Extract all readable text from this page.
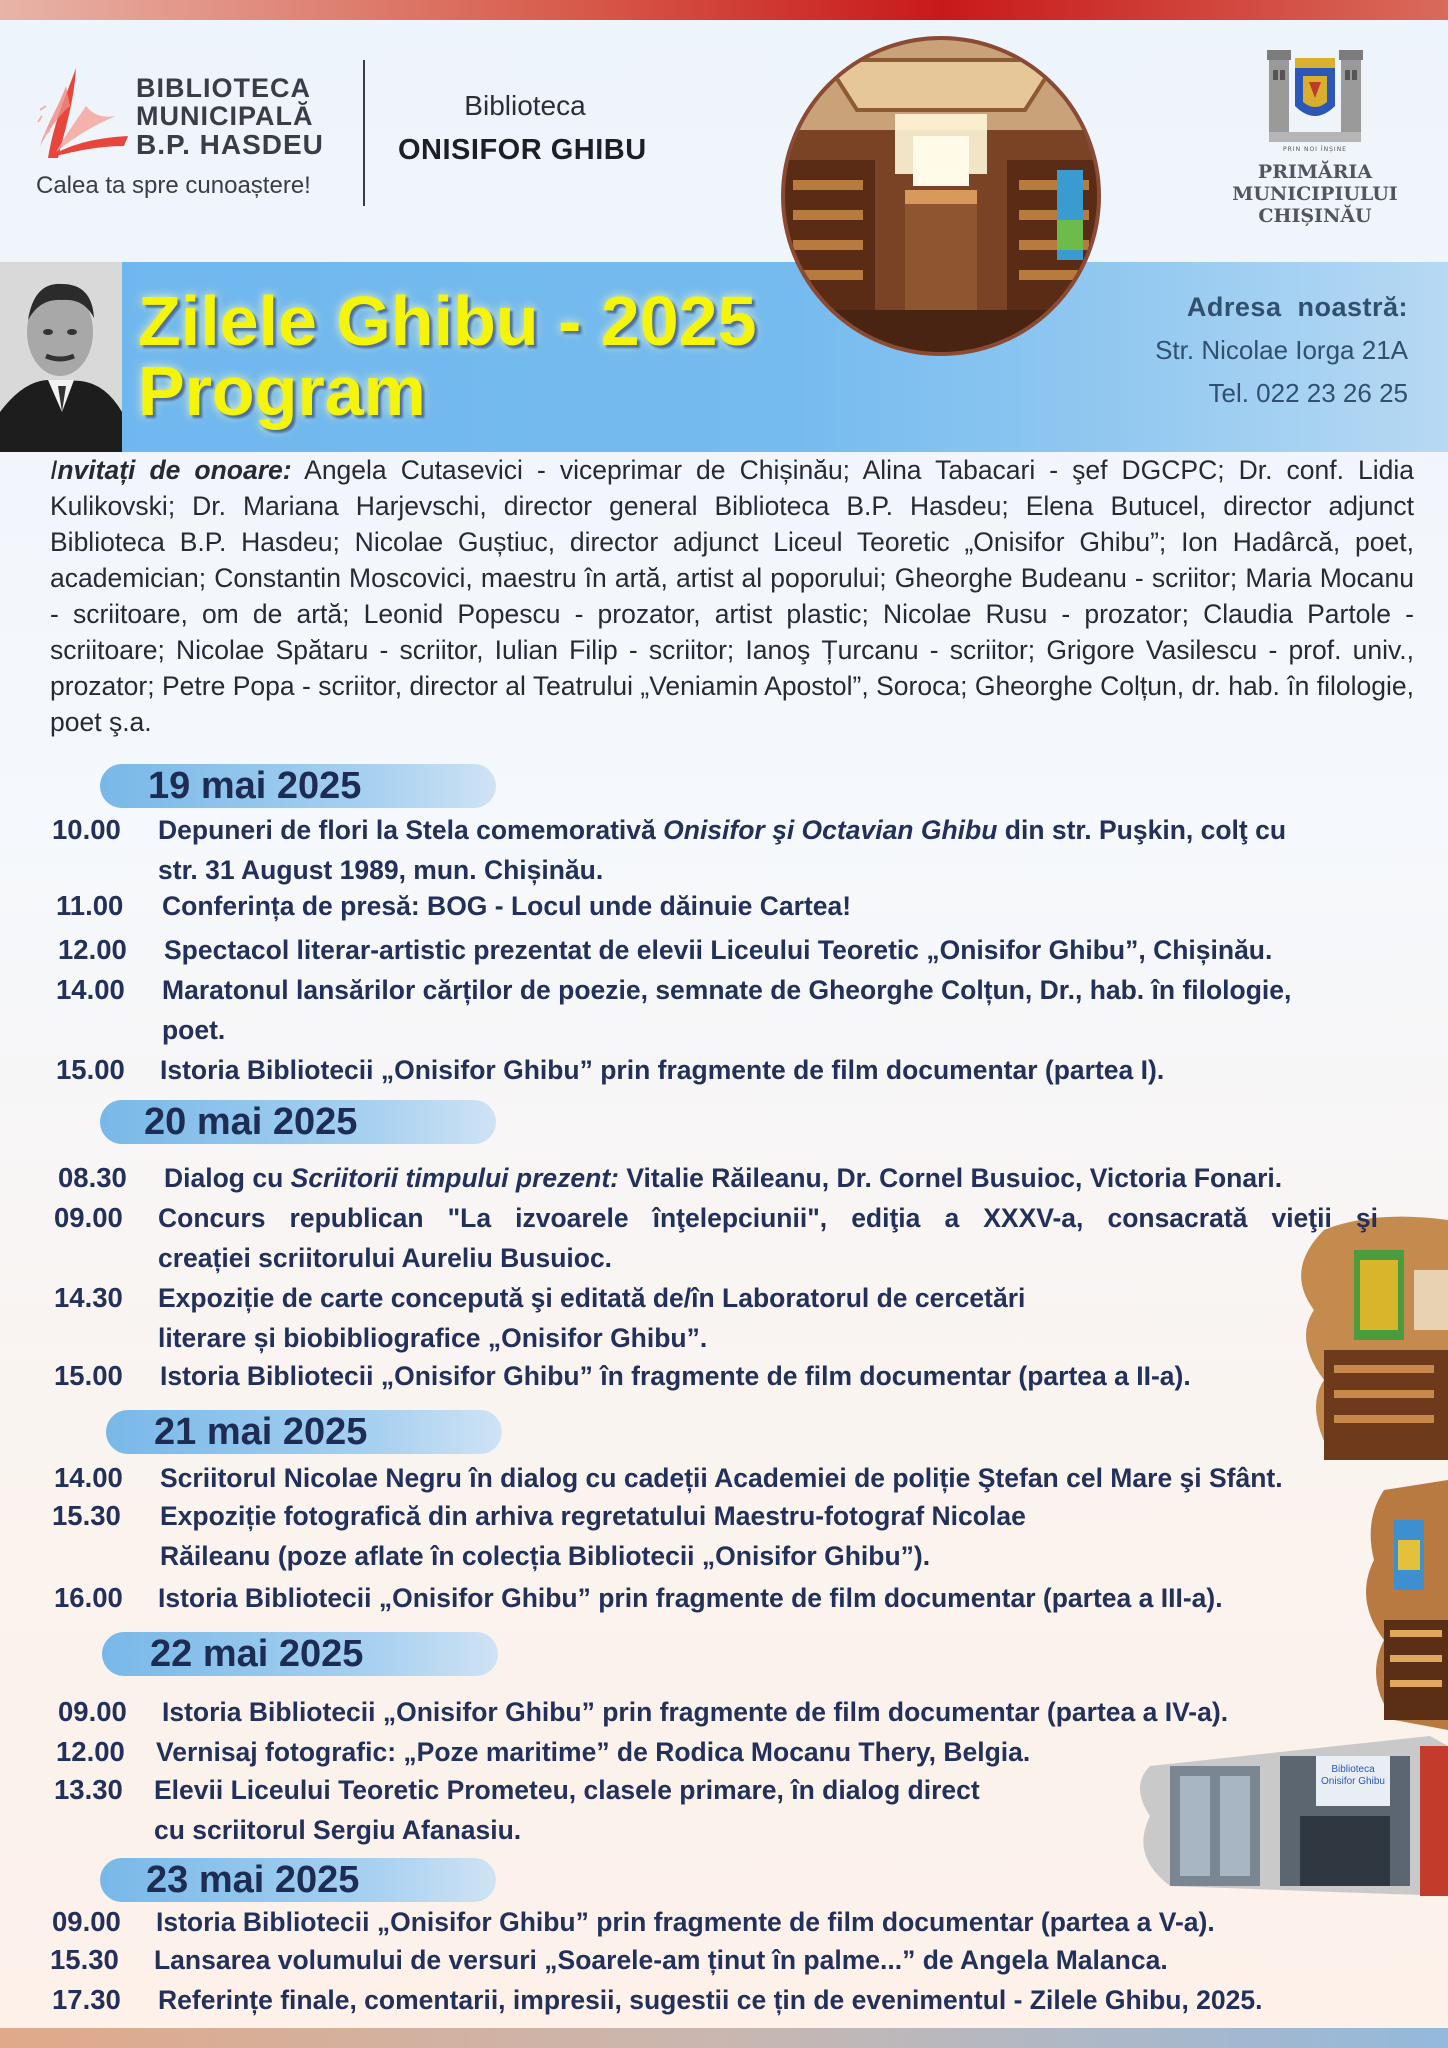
BIBLIOTECA
MUNICIPALĂ
B.P. HASDEU
Calea ta spre cunoaștere!
Biblioteca
ONISIFOR GHIBU	PRIN NOI ÎNȘINE
PRIMĂRIA
MUNICIPIULUI
CHIȘINĂU
Zilele Ghibu - 2025
Program
Adresa  noastră:
Str. Nicolae Iorga 21A
Tel. 022 23 26 25
Invitați de onoare: Angela Cutasevici - viceprimar de Chișinău; Alina Tabacari - şef DGCPC; Dr. conf. Lidia Kulikovski; Dr. Mariana Harjevschi, director general Biblioteca B.P. Hasdeu; Elena Butucel, director adjunct Biblioteca B.P. Hasdeu; Nicolae Guștiuc, director adjunct Liceul Teoretic „Onisifor Ghibu”; Ion Hadârcă, poet, academician; Constantin Moscovici, maestru în artă, artist al poporului; Gheorghe Budeanu - scriitor; Maria Mocanu - scriitoare, om de artă; Leonid Popescu - prozator, artist plastic; Nicolae Rusu - prozator; Claudia Partole - scriitoare; Nicolae Spătaru - scriitor, Iulian Filip - scriitor; Ianoş Țurcanu - scriitor; Grigore Vasilescu - prof. univ., prozator; Petre Popa - scriitor, director al Teatrului „Veniamin Apostol”, Soroca; Gheorghe Colțun, dr. hab. în filologie, poet ş.a.
Biblioteca
Onisifor Ghibu
19 mai 2025
10.00 Depuneri de flori la Stela comemorativă Onisifor şi Octavian Ghibu din str. Puşkin, colţ cu
str. 31 August 1989, mun. Chișinău.
11.00 Conferința de presă: BOG - Locul unde dăinuie Cartea!
12.00 Spectacol literar-artistic prezentat de elevii Liceului Teoretic „Onisifor Ghibu”, Chișinău.
14.00 Maratonul lansărilor cărților de poezie, semnate de Gheorghe Colțun, Dr., hab. în filologie,
poet.
15.00 Istoria Bibliotecii „Onisifor Ghibu” prin fragmente de film documentar (partea I).
20 mai 2025
08.30 Dialog cu Scriitorii timpului prezent: Vitalie Răileanu, Dr. Cornel Busuioc, Victoria Fonari.
09.00 Concurs republican "La izvoarele înţelepciunii", ediţia a XXXV-a, consacrată vieţii şi
creației scriitorului Aureliu Busuioc.
14.30 Expoziție de carte concepută şi editată de/în Laboratorul de cercetări
literare și biobibliografice „Onisifor Ghibu”.
15.00 Istoria Bibliotecii „Onisifor Ghibu” în fragmente de film documentar (partea a II-a).
21 mai 2025
14.00 Scriitorul Nicolae Negru în dialog cu cadeții Academiei de poliție Ştefan cel Mare şi Sfânt.
15.30 Expoziție fotografică din arhiva regretatului Maestru-fotograf Nicolae
Răileanu (poze aflate în colecția Bibliotecii „Onisifor Ghibu”).
16.00 Istoria Bibliotecii „Onisifor Ghibu” prin fragmente de film documentar (partea a III-a).
22 mai 2025
09.00 Istoria Bibliotecii „Onisifor Ghibu” prin fragmente de film documentar (partea a IV-a).
12.00 Vernisaj fotografic: „Poze maritime” de Rodica Mocanu Thery, Belgia.
13.30 Elevii Liceului Teoretic Prometeu, clasele primare, în dialog direct
cu scriitorul Sergiu Afanasiu.
23 mai 2025
09.00 Istoria Bibliotecii „Onisifor Ghibu” prin fragmente de film documentar (partea a V-a).
15.30 Lansarea volumului de versuri „Soarele-am ținut în palme...” de Angela Malanca.
17.30 Referințe finale, comentarii, impresii, sugestii ce țin de evenimentul - Zilele Ghibu, 2025.
